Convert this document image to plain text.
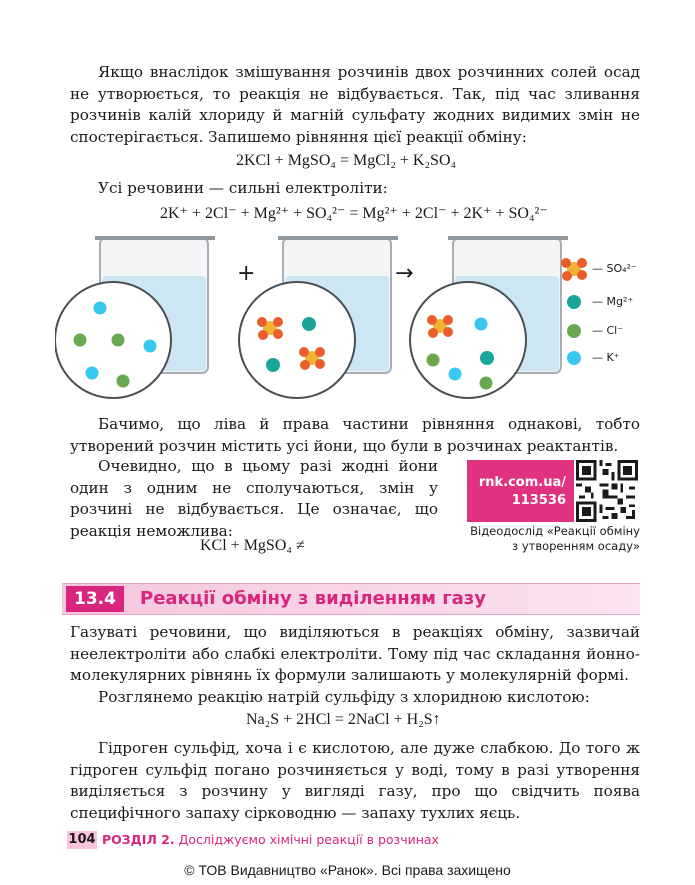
Якщо внаслідок змішування розчинів двох розчинних солей осад не утворюється, то реакція не відбувається. Так, під час зливання розчинів калій хлориду й магній сульфату жодних видимих змін не спостерігається. Запишемо рівняння цієї реакції обміну:

2KCl + MgSO₄ = MgCl₂ + K₂SO₄

Усі речовини — сильні електроліти:

2K⁺ + 2Cl⁻ + Mg²⁺ + SO₄²⁻ = Mg²⁺ + 2Cl⁻ + 2K⁺ + SO₄²⁻
+	→	— SO₄²⁻
— Mg²⁺
— Cl⁻
— K⁺

Бачимо, що ліва й права частини рівняння однакові, тобто утворений розчин містить усі йони, що були в розчинах реактантів.

Очевидно, що в цьому разі жодні йони один з одним не сполучаються, змін у розчині не відбувається. Це означає, що реакція неможлива:

KCl + MgSO₄ ≠
rnk.com.ua/
113536
Відеодослід «Реакції обміну
з утворенням осаду»
13.4	Реакції обміну з виділенням газу

Газуваті речовини, що виділяються в реакціях обміну, зазвичай неелектроліти або слабкі електроліти. Тому під час складання йонно-молекулярних рівнянь їх формули залишають у молекулярній формі.

Розглянемо реакцію натрій сульфіду з хлоридною кислотою:

Na₂S + 2HCl = 2NaCl + H₂S↑

Гідроген сульфід, хоча і є кислотою, але дуже слабкою. До того ж гідроген сульфід погано розчиняється у воді, тому в разі утворення виділяється з розчину у вигляді газу, про що свідчить поява специфічного запаху сірководню — запаху тухлих яєць.

104 РОЗДІЛ 2. Досліджуємо хімічні реакції в розчинах
© ТОВ Видавництво «Ранок». Всі права захищено
